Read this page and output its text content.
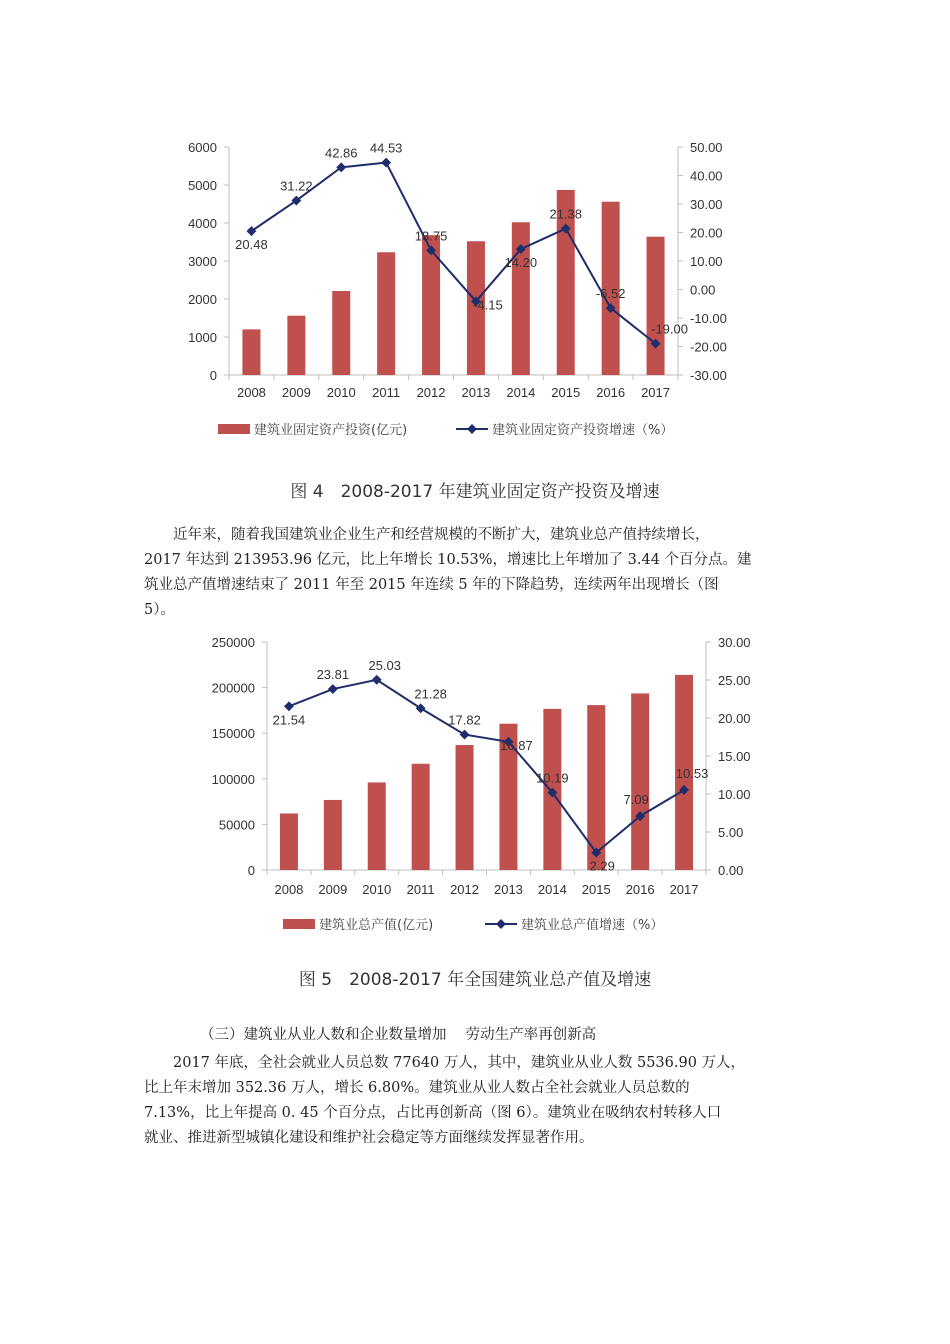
6000
5000
4000
3000
2000
1000
0
50.00
40.00
30.00
20.00
10.00
0.00
-10.00
-20.00
-30.00
2008 2009 2010 2011 2012 2013 2014 2015 2016 2017
20.48
31.22
42.86 44.53
13.75
-4.15
14.20
21.38
-6.52
-19.00
建筑业固定资产投资(亿元)	建筑业固定资产投资增速（%）
图 4　2008-2017 年建筑业固定资产投资及增速
近年来，随着我国建筑业企业生产和经营规模的不断扩大，建筑业总产值持续增长，
2017 年达到 213953.96 亿元，比上年增长 10.53%，增速比上年增加了 3.44 个百分点。建
筑业总产值增速结束了 2011 年至 2015 年连续 5 年的下降趋势，连续两年出现增长（图
5）。
250000
200000
150000
100000
50000
0
30.00
25.00
20.00
15.00
10.00
5.00
0.00
2008 2009 2010 2011 2012 2013 2014 2015 2016 2017
21.54
23.81
25.03
21.28
17.82
16.87
10.19
2.29
7.09
10.53
建筑业总产值(亿元)	建筑业总产值增速（%）
图 5　2008-2017 年全国建筑业总产值及增速
（三）建筑业从业人数和企业数量增加　 劳动生产率再创新高
2017 年底，全社会就业人员总数 77640 万人，其中，建筑业从业人数 5536.90 万人，
比上年末增加 352.36 万人，增长 6.80%。建筑业从业人数占全社会就业人员总数的
7.13%，比上年提高 0. 45 个百分点，占比再创新高（图 6）。建筑业在吸纳农村转移人口
就业、推进新型城镇化建设和维护社会稳定等方面继续发挥显著作用。
